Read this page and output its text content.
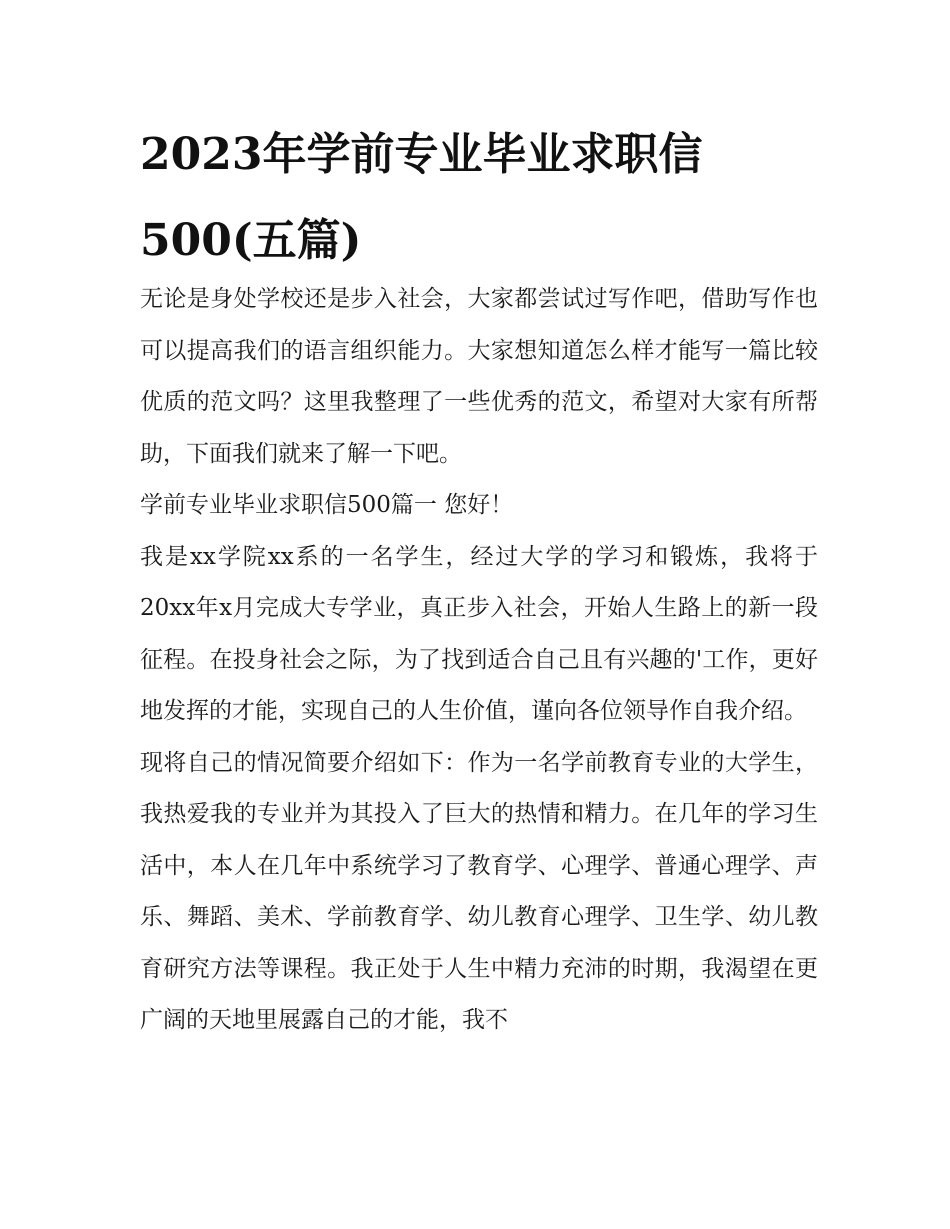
2023年学前专业毕业求职信500(五篇)

无论是身处学校还是步入社会，大家都尝试过写作吧，借助写作也可以提高我们的语言组织能力。大家想知道怎么样才能写一篇比较优质的范文吗？这里我整理了一些优秀的范文，希望对大家有所帮助，下面我们就来了解一下吧。

学前专业毕业求职信500篇一 您好！

我是xx学院xx系的一名学生，经过大学的学习和锻炼，我将于20xx年x月完成大专学业，真正步入社会，开始人生路上的新一段征程。在投身社会之际，为了找到适合自己且有兴趣的'工作，更好地发挥的才能，实现自己的人生价值，谨向各位领导作自我介绍。

现将自己的情况简要介绍如下：作为一名学前教育专业的大学生，我热爱我的专业并为其投入了巨大的热情和精力。在几年的学习生活中，本人在几年中系统学习了教育学、心理学、普通心理学、声乐、舞蹈、美术、学前教育学、幼儿教育心理学、卫生学、幼儿教育研究方法等课程。我正处于人生中精力充沛的时期，我渴望在更广阔的天地里展露自己的才能，我不
